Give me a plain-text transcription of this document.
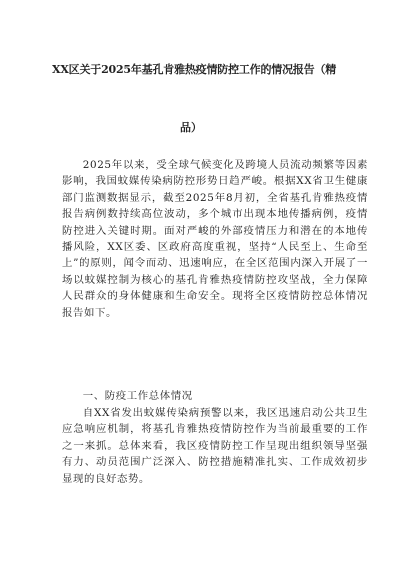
XX区关于2025年基孔肯雅热疫情防控工作的情况报告（精
品）
2025年以来，受全球气候变化及跨境人员流动频繁等因素影响，我国蚊媒传染病防控形势日趋严峻。根据XX省卫生健康部门监测数据显示，截至2025年8月初，全省基孔肯雅热疫情报告病例数持续高位波动，多个城市出现本地传播病例，疫情防控进入关键时期。面对严峻的外部疫情压力和潜在的本地传播风险，XX区委、区政府高度重视，坚持“人民至上、生命至上”的原则，闻令而动、迅速响应，在全区范围内深入开展了一场以蚊媒控制为核心的基孔肯雅热疫情防控攻坚战，全力保障人民群众的身体健康和生命安全。现将全区疫情防控总体情况报告如下。
一、防疫工作总体情况
自XX省发出蚊媒传染病预警以来，我区迅速启动公共卫生应急响应机制，将基孔肯雅热疫情防控作为当前最重要的工作之一来抓。总体来看，我区疫情防控工作呈现出组织领导坚强有力、动员范围广泛深入、防控措施精准扎实、工作成效初步显现的良好态势。
